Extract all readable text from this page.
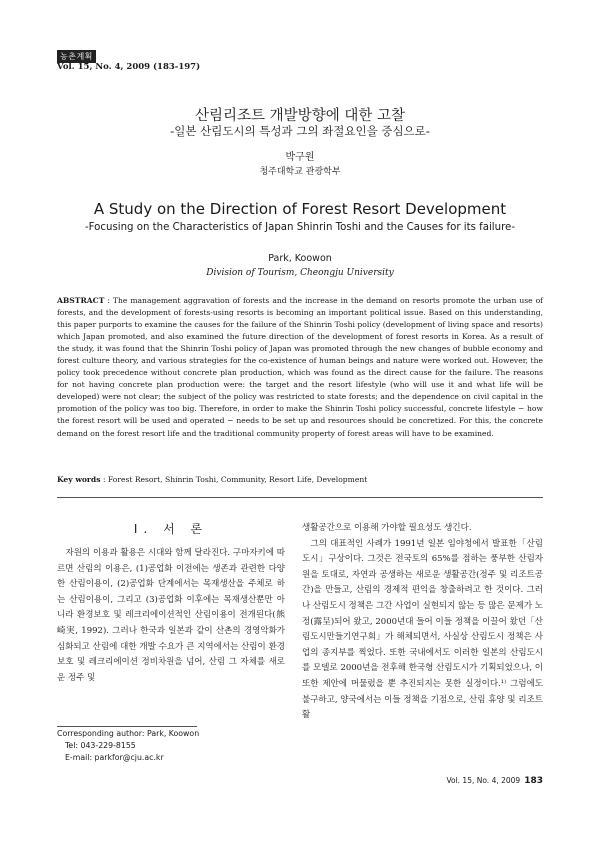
농촌계획
Vol. 15, No. 4, 2009 (183-197)
산림리조트 개발방향에 대한 고찰
-일본 산림도시의 특성과 그의 좌절요인을 중심으로-
박구원
청주대학교 관광학부
A Study on the Direction of Forest Resort Development
-Focusing on the Characteristics of Japan Shinrin Toshi and the Causes for its failure-
Park, Koowon
Division of Tourism, Cheongju University
ABSTRACT : The management aggravation of forests and the increase in the demand on resorts promote the urban use of forests, and the development of forests-using resorts is becoming an important political issue. Based on this understanding, this paper purports to examine the causes for the failure of the Shinrin Toshi policy (development of living space and resorts) which Japan promoted, and also examined the future direction of the development of forest resorts in Korea. As a result of the study, it was found that the Shinrin Toshi policy of Japan was promoted through the new changes of bubble economy and forest culture theory, and various strategies for the co-existence of human beings and nature were worked out. However, the policy took precedence without concrete plan production, which was found as the direct cause for the failure. The reasons for not having concrete plan production were: the target and the resort lifestyle (who will use it and what life will be developed) were not clear; the subject of the policy was restricted to state forests; and the dependence on civil capital in the promotion of the policy was too big. Therefore, in order to make the Shinrin Toshi policy successful, concrete lifestyle − how the forest resort will be used and operated − needs to be set up and resources should be concretized. For this, the concrete demand on the forest resort life and the traditional community property of forest areas will have to be examined.
Key words : Forest Resort, Shinrin Toshi, Community, Resort Life, Development
Ⅰ. 서 론

자원의 이용과 활용은 시대와 함께 달라진다. 구마자키에 따르면 산림의 이용은, (1)공업화 이전에는 생존과 관련한 다양한 산림이용이, (2)공업화 단계에서는 목재생산을 주체로 하는 산림이용이, 그리고 (3)공업화 이후에는 목재생산뿐만 아니라 환경보호 및 레크리에이션적인 산림이용이 전개된다(熊崎実, 1992). 그러나 한국과 일본과 같이 산촌의 경영악화가 심화되고 산림에 대한 개발 수요가 큰 지역에서는 산림이 환경보호 및 레크리에이션 정비차원을 넘어, 산림 그 자체를 새로운 정주 및

생활공간으로 이용해 가야할 필요성도 생긴다.

그의 대표적인 사례가 1991년 일본 임야청에서 발표한「산림도시」구상이다. 그것은 전국토의 65%를 점하는 풍부한 산림자원을 토대로, 자연과 공생하는 새로운 생활공간(정주 및 리조트공간)을 만들고, 산림의 경제적 편익을 창출하려고 한 것이다. 그러나 산림도시 정책은 그간 사업이 실현되지 않는 등 많은 문제가 노정(露呈)되어 왔고, 2000년대 들어 이들 정책을 이끌어 왔던「산림도시만들기연구회」가 해체되면서, 사실상 산림도시 정책은 사업의 종지부를 찍었다. 또한 국내에서도 이러한 일본의 산림도시를 모델로 2000년을 전후해 한국형 산림도시가 기획되었으나, 이 또한 제안에 머물렀을 뿐 추진되지는 못한 실정이다.¹⁾ 그럼에도 불구하고, 양국에서는 이들 정책을 기점으로, 산림 휴양 및 리조트활

Corresponding author: Park, Koowon
Tel: 043-229-8155
E-mail: parkfor@cju.ac.kr
Vol. 15, No. 4, 2009 183
